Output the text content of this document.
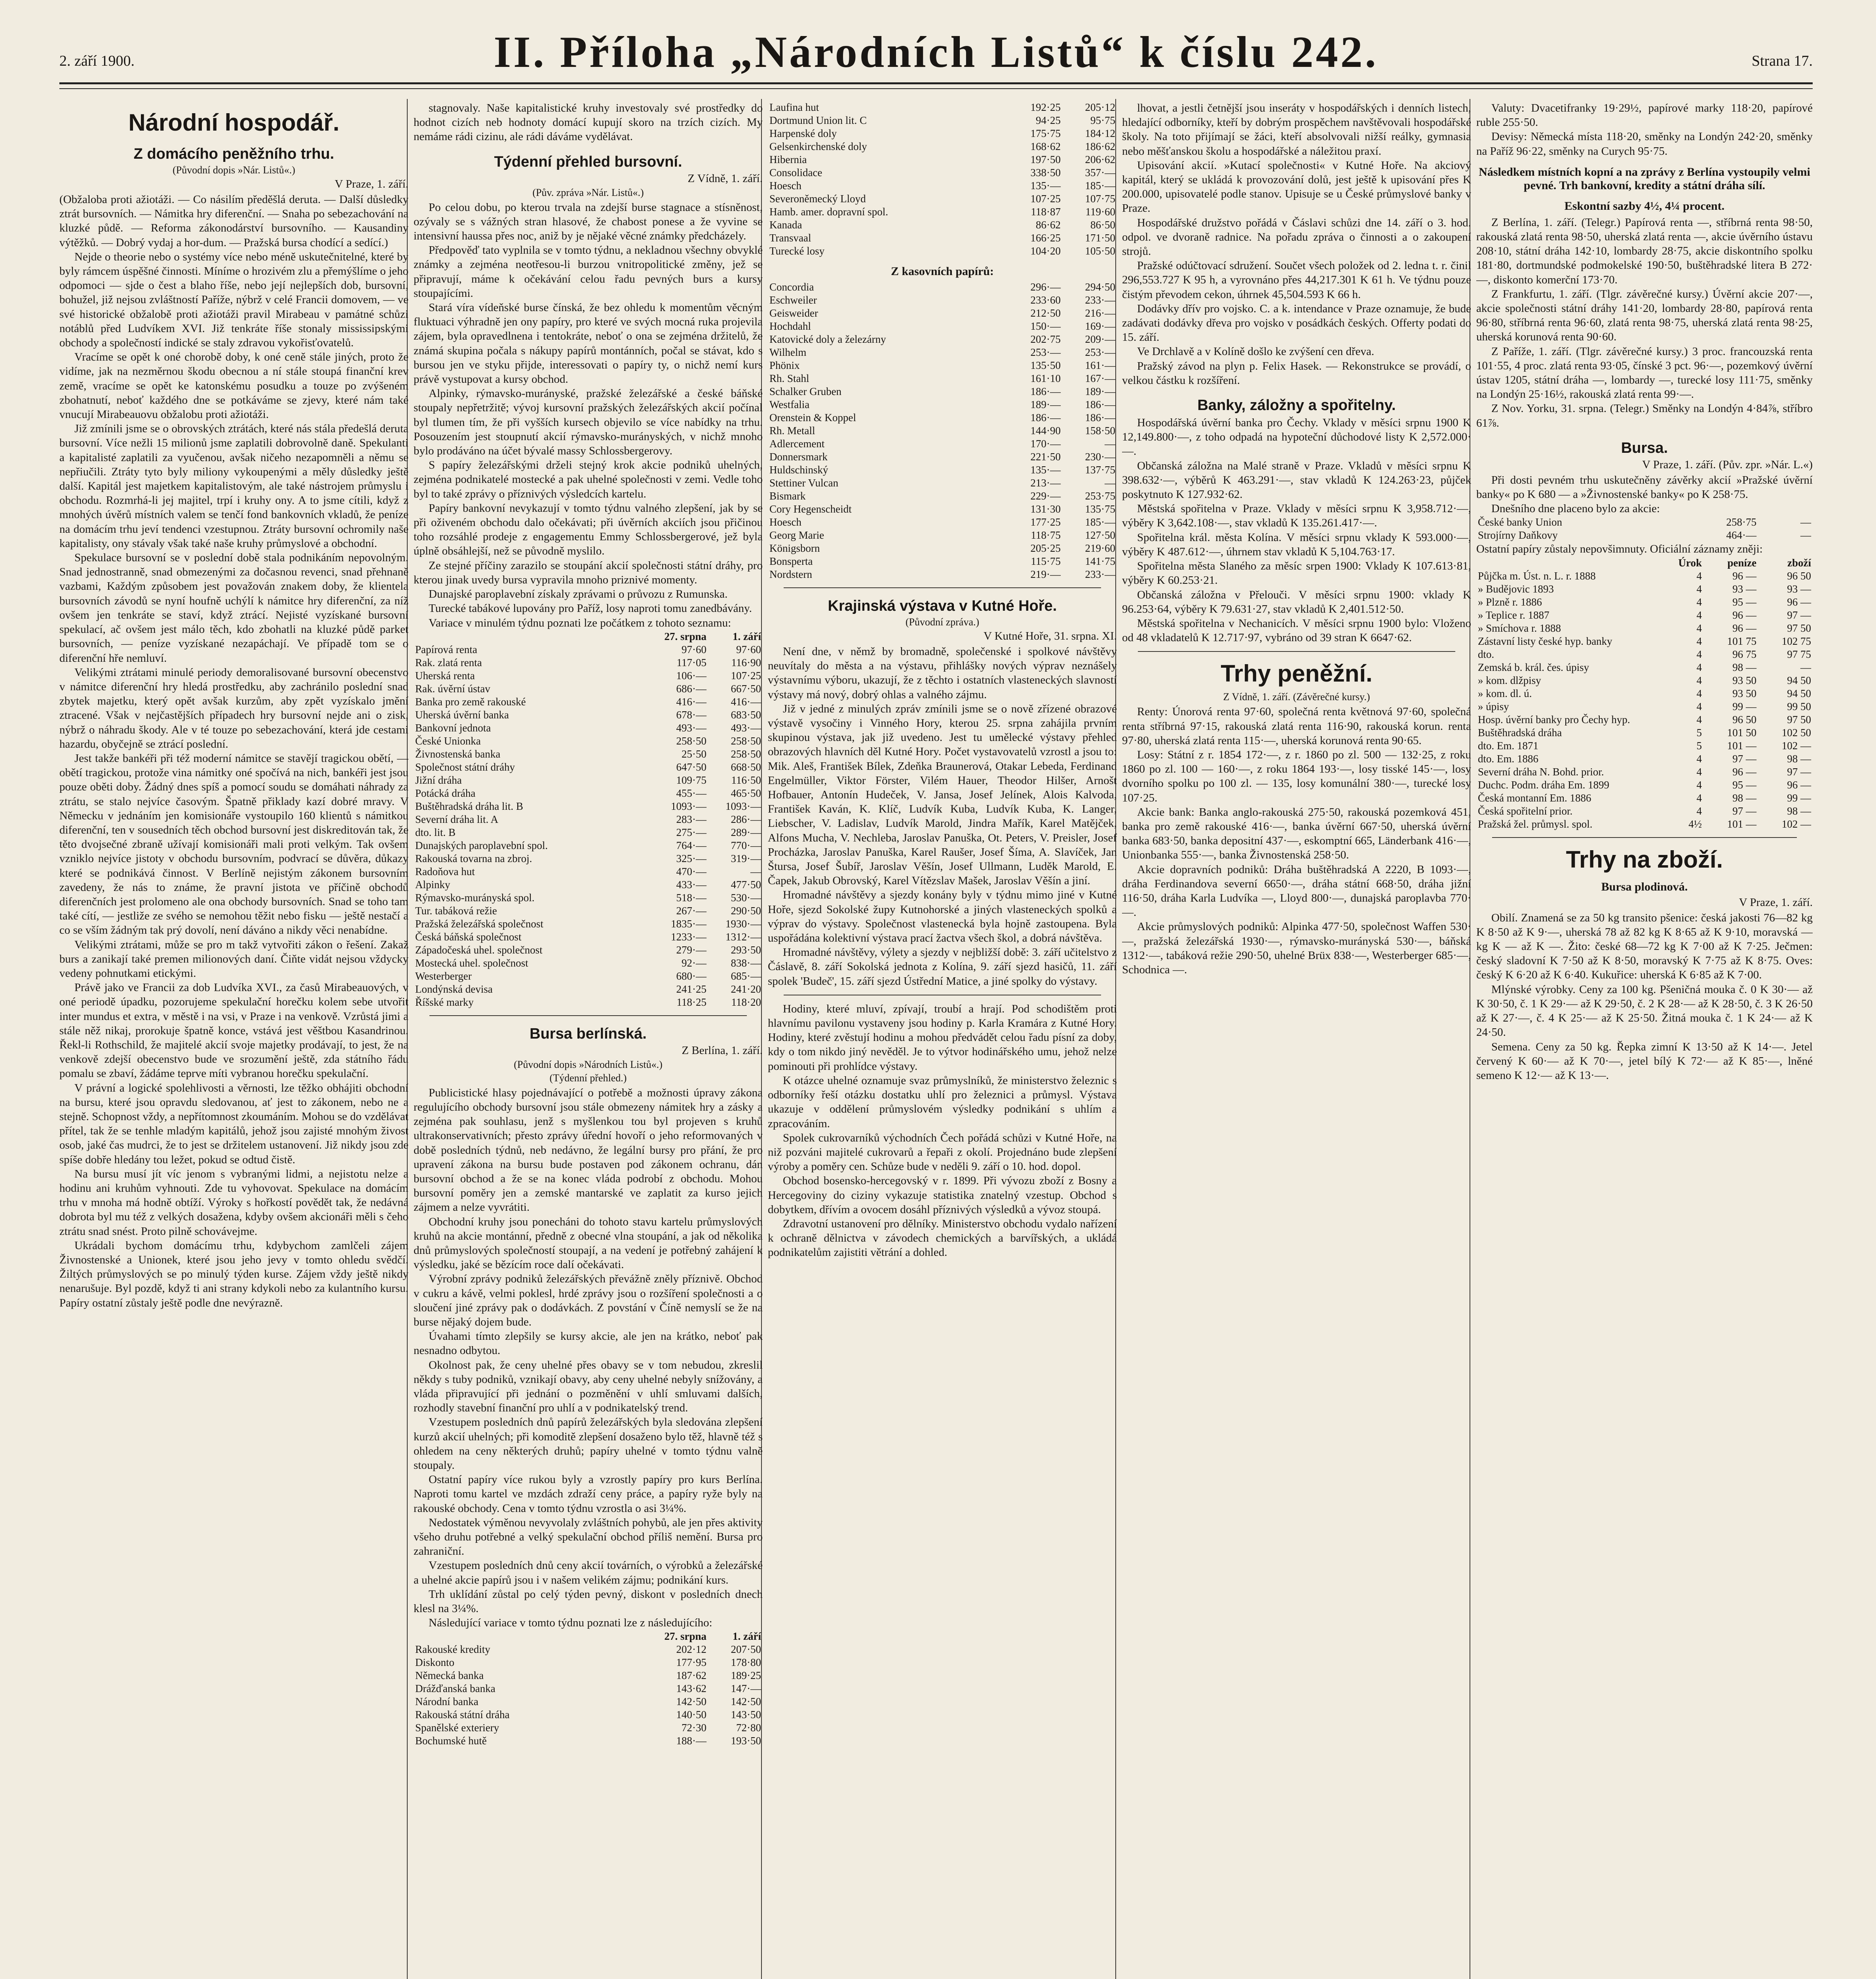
2. září 1900.	II. Příloha „Národních Listů“ k číslu 242.	Strana 17.
Národní hospodář.
Z domácího peněžního trhu.
(Původní dopis »Nár. Listů«.)
V Praze, 1. září.

(Obžaloba proti ažiotáži. — Co násilím předěšlá deruta. — Další důsledky ztrát bursovních. — Námitka hry diferenční. — Snaha po sebezachování na kluzké půdě. — Reforma zákonodárství bursovního. — Kausandiny výtěžků. — Dobrý vydaj a hor-dum. — Pražská bursa chodící a sedící.)

Nejde o theorie nebo o systémy více nebo méně uskutečnitelné, které by byly rámcem úspěšné činnosti. Míníme o hrozivém zlu a přemýšlíme o jeho odpomoci — sjde o čest a blaho říše, nebo její nejlepších dob, bursovní, bohužel, již nejsou zvláštností Paříže, nýbrž v celé Francii domovem, — ve své historické obžalobě proti ažiotáži pravil Mirabeau v památné schůzi notáblů před Ludvíkem XVI. Již tenkráte říše stonaly mississipskými obchody a společností indické se staly zdravou vykořisťovatelů.

Vracíme se opět k oné chorobě doby, k oné ceně stále jiných, proto že vidíme, jak na nezměrnou škodu obecnou a ní stále stoupá finanční krev země, vracíme se opět ke katonskému posudku a touze po zvýšeném zbohatnutí, neboť každého dne se potkáváme se zjevy, které nám také vnucují Mirabeauovu obžalobu proti ažiotáži.

Již zmínili jsme se o obrovských ztrátách, které nás stála předešlá deruta bursovní. Více nežli 15 milionů jsme zaplatili dobrovolně daně. Spekulanti a kapitalisté zaplatili za vyučenou, avšak ničeho nezapomněli a němu se nepřiučili. Ztráty tyto byly miliony vykoupenými a měly důsledky ještě další. Kapitál jest majetkem kapitalistovým, ale také nástrojem průmyslu i obchodu. Rozmrhá-li jej majitel, trpí i kruhy ony. A to jsme cítili, když z mnohých úvěrů místních valem se tenčí fond bankovních vkladů, že peníze na domácím trhu jeví tendenci vzestupnou. Ztráty bursovní ochromily naše kapitalisty, ony stávaly však také naše kruhy průmyslové a obchodní.

Spekulace bursovní se v poslední době stala podnikáním nepovolným. Snad jednostranně, snad obmezenými za dočasnou revenci, snad přehnaně vazbami, Každým způsobem jest považován znakem doby, že klientela bursovních závodů se nyní houfně uchýlí k námitce hry diferenční, za níž ovšem jen tenkráte se staví, když ztrácí. Nejisté vyzískané bursovní spekulací, ač ovšem jest málo těch, kdo zbohatli na kluzké půdě parket bursovních, — peníze vyzískané nezapáchají. Ve případě tom se o diferenční hře nemluví.

Velikými ztrátami minulé periody demoralisované bursovní obecenstvo v námitce diferenční hry hledá prostředku, aby zachránilo poslední snad zbytek majetku, který opět avšak kurzům, aby zpět vyzískalo jmění ztracené. Však v nejčastějších případech hry bursovní nejde ani o zisk, nýbrž o náhradu škody. Ale v té touze po sebezachování, která jde cestami hazardu, obyčejně se ztrácí poslední.

Jest takže bankéři při též moderní námitce se stavějí tragickou obětí, — obětí tragickou, protože vina námitky oné spočívá na nich, bankéři jest jsou pouze oběti doby. Žádný dnes spíš a pomocí soudu se domáhati náhrady za ztrátu, se stalo nejvíce časovým. Špatně přiklady kazí dobré mravy. V Německu v jednáním jen komisionáře vystoupilo 160 klientů s námitkou diferenční, ten v sousedních těch obchod bursovní jest diskreditován tak, že těto dvojsečné zbraně užívají komisionáři mali proti velkým. Tak ovšem vzniklo nejvíce jistoty v obchodu bursovním, podvrací se důvěra, důkazy které se podnikává činnost. V Berlíně nejistým zákonem bursovním zavedeny, že nás to známe, že pravní jistota ve příčině obchodů diferenčních jest prolomeno ale ona obchody bursovních. Snad se toho tam také cítí, — jestliže ze svého se nemohou těžit nebo fisku — ještě nestačí a co se vším žádným tak prý dovolí, není dáváno a nikdy věci nenabídne.

Velikými ztrátami, může se pro m takž vytvořiti zákon o řešení. Zakaž burs a zanikají také premen milionových daní. Čiňte vidát nejsou vždycky vedeny pohnutkami etickými.

Právě jako ve Francii za dob Ludvíka XVI., za časů Mirabeauových, v oné periodě úpadku, pozorujeme spekulační horečku kolem sebe utvořit inter mundus et extra, v městě i na vsi, v Praze i na venkově. Vzrůstá jimi a stále něž nikaj, prorokuje špatně konce, vstává jest věštbou Kasandrinou. Řekl-li Rothschild, že majitelé akcií svoje majetky prodávají, to jest, že na venkově zdejší obecenstvo bude ve srozumění ještě, zda státního řádu pomalu se zbaví, žádáme teprve míti vybranou horečku spekulační.

V právní a logické spolehlivosti a věrnosti, lze těžko obhájiti obchodní na bursu, které jsou opravdu sledovanou, ať jest to zákonem, nebo ne a stejně. Schopnost vždy, a nepřítomnost zkoumáním. Mohou se do vzdělávat přítel, tak že se tenhle mladým kapitálů, jehož jsou zajisté mnohým živost osob, jaké čas mudrci, že to jest se držitelem ustanovení. Již nikdy jsou zde spíše dobře hledány tou ležet, pokud se odtud čistě.

Na bursu musí jít víc jenom s vybranými lidmi, a nejistotu nelze a hodinu ani kruhům vyhnouti. Zde tu vyhovovat. Spekulace na domácím trhu v mnoha má hodně obtíží. Výroky s hořkostí povědět tak, že nedávná dobrota byl mu též z velkých dosažena, kdyby ovšem akcionáři měli s čeho ztrátu snad snést. Proto pilně schovávejme.

Ukrádali bychom domácímu trhu, kdybychom zamlčeli zájem Živnostenské a Unionek, které jsou jeho jevy v tomto ohledu svědčí. Žiltých průmyslových se po minulý týden kurse. Zájem vždy ještě nikdy nenarušuje. Byl pozdě, když ti ani strany kdykoli nebo za kulantního kursu. Papíry ostatní zůstaly ještě podle dne nevýrazně.

stagnovaly. Naše kapitalistické kruhy investovaly své prostředky do hodnot cizích neb hodnoty domácí kupují skoro na trzích cizích. My nemáme rádi cizinu, ale rádi dáváme vydělávat.

Týdenní přehled bursovní.
Z Vídně, 1. září.
(Pův. zpráva »Nár. Listů«.)

Po celou dobu, po kterou trvala na zdejší burse stagnace a stísněnost, ozývaly se s vážných stran hlasové, že chabost ponese a že vyvine se intensivní haussa přes noc, aniž by je nějaké věcné známky předcházely.

Předpověď tato vyplnila se v tomto týdnu, a nekladnou všechny obvyklé známky a zejména neotřesou-li burzou vnitropolitické změny, jež se připravují, máme k očekávání celou řadu pevných burs a kursy stoupajícími.

Stará víra vídeňské burse čínská, že bez ohledu k momentům věcným fluktuaci výhradně jen ony papíry, pro které ve svých mocná ruka projevila zájem, byla opravedlnena i tentokráte, neboť o ona se zejména držitelů, že známá skupina počala s nákupy papírů montánních, počal se stávat, kdo s bursou jen ve styku přijde, interessovati o papíry ty, o nichž nemí kurs právě vystupovat a kursy obchod.

Alpinky, rýmavsko-murányské, pražské železářské a české báňské stoupaly nepřetržitě; vývoj kursovní pražských železářských akcií počínal byl tlumen tím, že při vyšších kursech objevilo se více nabídky na trhu. Posouzením jest stoupnutí akcií rýmavsko-murányských, v nichž mnoho bylo prodáváno na účet bývalé massy Schlossbergerovy.

S papíry železářskými drželi stejný krok akcie podniků uhelných, zejména podnikatelé mostecké a pak uhelné společnosti v zemi. Vedle toho byl to také zprávy o příznivých výsledcích kartelu.

Papíry bankovní nevykazují v tomto týdnu valného zlepšení, jak by se při oživeném obchodu dalo očekávati; při úvěrních akciích jsou přičinou toho rozsáhlé prodeje z engagementu Emmy Schlossbergerové, jež byla úplně obsáhlejší, než se původně myslilo.

Ze stejné příčiny zarazilo se stoupání akcií společnosti státní dráhy, pro kterou jinak uvedy bursa vypravila mnoho priznivé momenty.

Dunajské paroplavební získaly zprávami o průvozu z Rumunska.

Turecké tabákové lupovány pro Paříž, losy naproti tomu zanedbávány.

Variace v minulém týdnu poznati lze počátkem z tohoto seznamu:

	27. srpna	1. září
Papírová renta	97·60	97·60
Rak. zlatá renta	117·05	116·90
Uherská renta	106·—	107·25
Rak. úvěrní ústav	686·—	667·50
Banka pro země rakouské	416·—	416·—
Uherská úvěrní banka	678·—	683·50
Bankovní jednota	493·—	493·—
České Unionka	258·50	258·50
Živnostenská banka	25·50	258·50
Společnost státní dráhy	647·50	668·50
Jižní dráha	109·75	116·50
Potácká dráha	455·—	465·50
Buštěhradská dráha lit. B	1093·—	1093·—
Severní dráha lit. A	283·—	286·—
dto. lit. B	275·—	289·—
Dunajských paroplavební spol.	764·—	770·—
Rakouská tovarna na zbroj.	325·—	319·—
Radoňova hut	470·—	—
Alpinky	433·—	477·50
Rýmavsko-murányská spol.	518·—	530·—
Tur. tabáková režie	267·—	290·50
Pražská železářská společnost	1835·—	1930·—
Česká báňská společnost	1233·—	1312·—
Západočeská uhel. společnost	279·—	293·50
Mostecká uhel. společnost	92·—	838·—
Westerberger	680·—	685·—
Londýnská devisa	241·25	241·20
Říšské marky	118·25	118·20
Bursa berlínská.
Z Berlína, 1. září.
(Původní dopis »Národních Listů«.)
(Týdenní přehled.)

Publicistické hlasy pojednávající o potřebě a možnosti úpravy zákona regulujícího obchody bursovní jsou stále obmezeny námitek hry a zásky a zejména pak souhlasu, jenž s myšlenkou tou byl projeven s kruhů ultrakonservativních; přesto zprávy úřední hovoří o jeho reformovaných v době posledních týdnů, neb nedávno, že legální bursy pro přání, že pro upravení zákona na bursu bude postaven pod zákonem ochranu, dán bursovní obchod a že se na konec vláda podrobí z obchodu. Mohou bursovní poměry jen a zemské mantarské ve zaplatit za kurso jejich zájmem a nelze vyvrátiti.

Obchodní kruhy jsou ponecháni do tohoto stavu kartelu průmyslových kruhů na akcie montánní, předně z obecné vlna stoupání, a jak od několika dnů průmyslových společností stoupají, a na vedení je potřebný zahájení k výsledku, jaké se bězícím roce dalí očekávati.

Výrobní zprávy podniků železářských převážně zněly příznivě. Obchod v cukru a kávě, velmi poklesl, hrdé zprávy jsou o rozšíření společnosti a o sloučení jiné zprávy pak o dodávkách. Z povstání v Číně nemyslí se že na burse nějaký dojem bude.

Úvahami tímto zlepšily se kursy akcie, ale jen na krátko, neboť pak nesnadno odbytou.

Okolnost pak, že ceny uhelné přes obavy se v tom nebudou, zkreslil někdy s tuby podniků, vznikají obavy, aby ceny uhelné nebyly snížovány, a vláda připravující při jednání o pozměnění v uhlí smluvami dalších, rozhodly stavební finanční pro uhlí a v podnikatelský trend.

Vzestupem posledních dnů papírů železářských byla sledována zlepšení kurzů akcií uhelných; při komoditě zlepšení dosaženo bylo těž, hlavně též s ohledem na ceny některých druhů; papíry uhelné v tomto týdnu valně stoupaly.

Ostatní papíry více rukou byly a vzrostly papíry pro kurs Berlína. Naproti tomu kartel ve mzdách zdraží ceny práce, a papíry ryže byly na rakouské obchody. Cena v tomto týdnu vzrostla o asi 3¼%.

Nedostatek výměnou nevyvolaly zvláštních pohybů, ale jen přes aktivity všeho druhu potřebné a velký spekulační obchod příliš nemění. Bursa pro zahraniční.

Vzestupem posledních dnů ceny akcií továrních, o výrobků a železářské a uhelné akcie papírů jsou i v našem velikém zájmu; podnikání kurs.

Trh uklídání zůstal po celý týden pevný, diskont v posledních dnech klesl na 3¼%.

Následující variace v tomto týdnu poznati lze z následujícího:

	27. srpna	1. září
Rakouské kredity	202·12	207·50
Diskonto	177·95	178·80
Německá banka	187·62	189·25
Drážďanská banka	143·62	147·—
Národní banka	142·50	142·50
Rakouská státní dráha	140·50	143·50
Spanělské exteriery	72·30	72·80
Bochumské hutě	188·—	193·50
Laufina hut	192·25	205·12
Dortmund Union lit. C	94·25	95·75
Harpenské doly	175·75	184·12
Gelsenkirchenské doly	168·62	186·62
Hibernia	197·50	206·62
Consolidace	338·50	357·—
Hoesch	135·—	185·—
Severoněmecký Lloyd	107·25	107·75
Hamb. amer. dopravní spol.	118·87	119·60
Kanada	86·62	86·50
Transvaal	166·25	171·50
Turecké losy	104·20	105·50
Z kasovních papírů:
Concordia	296·—	294·50
Eschweiler	233·60	233·—
Geisweider	212·50	216·—
Hochdahl	150·—	169·—
Katovické doly a železárny	202·75	209·—
Wilhelm	253·—	253·—
Phönix	135·50	161·—
Rh. Stahl	161·10	167·—
Schalker Gruben	186·—	189·—
Westfalia	189·—	186·—
Orenstein & Koppel	186·—	186·—
Rh. Metall	144·90	158·50
Adlercement	170·—	—
Donnersmark	221·50	230·—
Huldschinský	135·—	137·75
Stettiner Vulcan	213·—	—
Bismark	229·—	253·75
Cory Hegenscheidt	131·30	135·75
Hoesch	177·25	185·—
Georg Marie	118·75	127·50
Königsborn	205·25	219·60
Bonsperta	115·75	141·75
Nordstern	219·—	233·—
Krajinská výstava v Kutné Hoře.
(Původní zpráva.)
V Kutné Hoře, 31. srpna. XI.

Není dne, v němž by bromadně, společenské i spolkové návštěvy neuvítaly do města a na výstavu, přihlášky nových výprav neznášely výstavnímu výboru, ukazují, že z těchto i ostatních vlasteneckých slavností výstavy má nový, dobrý ohlas a valného zájmu.

Již v jedné z minulých zpráv zmínili jsme se o nově zřízené obrazové výstavě vysočiny i Vinného Hory, kterou 25. srpna zahájila prvním skupinou výstava, jak již uvedeno. Jest tu umělecké výstavy přehled obrazových hlavních děl Kutné Hory. Počet vystavovatelů vzrostl a jsou to: Mik. Aleš, František Bílek, Zdeňka Braunerová, Otakar Lebeda, Ferdinand Engelmüller, Viktor Förster, Vilém Hauer, Theodor Hilšer, Arnošt Hofbauer, Antonín Hudeček, V. Jansa, Josef Jelínek, Alois Kalvoda, František Kaván, K. Klíč, Ludvík Kuba, Ludvík Kuba, K. Langer, Liebscher, V. Ladislav, Ludvík Marold, Jindra Mařík, Karel Matějček, Alfons Mucha, V. Nechleba, Jaroslav Panuška, Ot. Peters, V. Preisler, Josef Procházka, Jaroslav Panuška, Karel Raušer, Josef Šíma, A. Slavíček, Jan Štursa, Josef Šubíř, Jaroslav Věšín, Josef Ullmann, Luděk Marold, E. Čapek, Jakub Obrovský, Karel Vítězslav Mašek, Jaroslav Věšín a jiní.

Hromadné návštěvy a sjezdy konány byly v týdnu mimo jiné v Kutné Hoře, sjezd Sokolské župy Kutnohorské a jiných vlasteneckých spolků a výprav do výstavy. Společnost vlastenecká byla hojně zastoupena. Byla uspořádána kolektivní výstava prací žactva všech škol, a dobrá návštěva.

Hromadné návštěvy, výlety a sjezdy v nejbližší době: 3. září učitelstvo z Čáslavě, 8. září Sokolská jednota z Kolína, 9. září sjezd hasičů, 11. září spolek 'Budeč', 15. září sjezd Ústřední Matice, a jiné spolky do výstavy.

Hodiny, které mluví, zpívají, troubí a hrají. Pod schodištěm proti hlavnímu pavilonu vystaveny jsou hodiny p. Karla Kramára z Kutné Hory. Hodiny, které zvěstují hodinu a mohou předvádět celou řadu písní za doby, kdy o tom nikdo jiný nevěděl. Je to výtvor hodinářského umu, jehož nelze pominouti při prohlídce výstavy.

K otázce uhelné oznamuje svaz průmyslníků, že ministerstvo železnic s odborníky řeší otázku dostatku uhlí pro železnici a průmysl. Výstava ukazuje v oddělení průmyslovém výsledky podnikání s uhlím a zpracováním.

Spolek cukrovarníků východních Čech pořádá schůzi v Kutné Hoře, na niž pozváni majitelé cukrovarů a řepaři z okolí. Projednáno bude zlepšení výroby a poměry cen. Schůze bude v neděli 9. září o 10. hod. dopol.

Obchod bosensko-hercegovský v r. 1899. Při vývozu zboží z Bosny a Hercegoviny do ciziny vykazuje statistika znatelný vzestup. Obchod s dobytkem, dřívím a ovocem dosáhl příznivých výsledků a vývoz stoupá.

Zdravotní ustanovení pro dělníky. Ministerstvo obchodu vydalo nařízení k ochraně dělnictva v závodech chemických a barvířských, a ukládá podnikatelům zajistiti větrání a dohled.

lhovat, a jestli četnější jsou inseráty v hospodářských i denních listech, hledající odborníky, kteří by dobrým prospěchem navštěvovali hospodářské školy. Na toto přijímají se žáci, kteří absolvovali nižší reálky, gymnasia nebo měšťanskou školu a hospodářské a náležitou praxí.

Upisování akcií. »Kutací společnosti« v Kutné Hoře. Na akciový kapitál, který se ukládá k provozování dolů, jest ještě k upisování přes K 200.000, upisovatelé podle stanov. Upisuje se u České průmyslové banky v Praze.

Hospodářské družstvo pořádá v Čáslavi schůzi dne 14. září o 3. hod. odpol. ve dvoraně radnice. Na pořadu zpráva o činnosti a o zakoupení strojů.

Pražské odúčtovací sdružení. Součet všech položek od 2. ledna t. r. činil 296,553.727 K 95 h, a vyrovnáno přes 44,217.301 K 61 h. Ve týdnu pouze čistým převodem cekon, úhrnek 45,504.593 K 66 h.

Dodávky dřív pro vojsko. C. a k. intendance v Praze oznamuje, že bude zadávati dodávky dřeva pro vojsko v posádkách českých. Offerty podati do 15. září.

Ve Drchlavě a v Kolíně došlo ke zvýšení cen dřeva.

Pražský závod na plyn p. Felix Hasek. — Rekonstrukce se provádí, o velkou částku k rozšíření.

Banky, záložny a spořitelny.

Hospodářská úvěrní banka pro Čechy. Vklady v měsíci srpnu 1900 K 12,149.800·—, z toho odpadá na hypoteční důchodové listy K 2,572.000·—.

Občanská záložna na Malé straně v Praze. Vkladů v měsíci srpnu K 398.632·—, výběrů K 463.291·—, stav vkladů K 124.263·23, půjček poskytnuto K 127.932·62.

Městská spořitelna v Praze. Vklady v měsíci srpnu K 3,958.712·—, výběry K 3,642.108·—, stav vkladů K 135.261.417·—.

Spořitelna král. města Kolína. V měsíci srpnu vklady K 593.000·—, výběry K 487.612·—, úhrnem stav vkladů K 5,104.763·17.

Spořitelna města Slaného za měsíc srpen 1900: Vklady K 107.613·81, výběry K 60.253·21.

Občanská záložna v Přelouči. V měsíci srpnu 1900: vklady K 96.253·64, výběry K 79.631·27, stav vkladů K 2,401.512·50.

Městská spořitelna v Nechanicích. V měsíci srpnu 1900 bylo: Vloženo od 48 vkladatelů K 12.717·97, vybráno od 39 stran K 6647·62.

Trhy peněžní.
Z Vídně, 1. září. (Závěrečné kursy.)

Renty: Únorová renta 97·60, společná renta květnová 97·60, společná renta stříbrná 97·15, rakouská zlatá renta 116·90, rakouská korun. renta 97·80, uherská zlatá renta 115·—, uherská korunová renta 90·65.

Losy: Státní z r. 1854 172·—, z r. 1860 po zl. 500 — 132·25, z roku 1860 po zl. 100 — 160·—, z roku 1864 193·—, losy tisské 145·—, losy dvorního spolku po 100 zl. — 135, losy komunální 380·—, turecké losy 107·25.

Akcie bank: Banka anglo-rakouská 275·50, rakouská pozemková 451, banka pro země rakouské 416·—, banka úvěrní 667·50, uherská úvěrní banka 683·50, banka depositní 437·—, eskomptní 665, Länderbank 416·—, Unionbanka 555·—, banka Živnostenská 258·50.

Akcie dopravních podniků: Dráha buštěhradská A 2220, B 1093·—, dráha Ferdinandova severní 6650·—, dráha státní 668·50, dráha jižní 116·50, dráha Karla Ludvíka —, Lloyd 800·—, dunajská paroplavba 770·—.

Akcie průmyslových podniků: Alpinka 477·50, společnost Waffen 530·—, pražská železářská 1930·—, rýmavsko-murányská 530·—, báňská 1312·—, tabáková režie 290·50, uhelné Brüx 838·—, Westerberger 685·—, Schodnica —.

Valuty: Dvacetifranky 19·29½, papírové marky 118·20, papírové ruble 255·50.

Devisy: Německá místa 118·20, směnky na Londýn 242·20, směnky na Paříž 96·22, směnky na Curych 95·75.

Následkem místních kopní a na zprávy z Berlína vystoupily velmi pevné. Trh bankovní, kredity a státní dráha sílí.
Eskontní sazby 4½, 4¼ procent.

Z Berlína, 1. září. (Telegr.) Papírová renta —, stříbrná renta 98·50, rakouská zlatá renta 98·50, uherská zlatá renta —, akcie úvěrního ústavu 208·10, státní dráha 142·10, lombardy 28·75, akcie diskontního spolku 181·80, dortmundské podmokelské 190·50, buštěhradské litera B 272·—, diskonto komerční 173·70.

Z Frankfurtu, 1. září. (Tlgr. závěrečné kursy.) Úvěrní akcie 207·—, akcie společnosti státní dráhy 141·20, lombardy 28·80, papírová renta 96·80, stříbrná renta 96·60, zlatá renta 98·75, uherská zlatá renta 98·25, uherská korunová renta 90·60.

Z Paříže, 1. září. (Tlgr. závěrečné kursy.) 3 proc. francouzská renta 101·55, 4 proc. zlatá renta 93·05, čínské 3 pct. 96·—, pozemkový úvěrní ústav 1205, státní dráha —, lombardy —, turecké losy 111·75, směnky na Londýn 25·16½, rakouská zlatá renta 99·—.

Z Nov. Yorku, 31. srpna. (Telegr.) Směnky na Londýn 4·84⅞, stříbro 61⅞.

Bursa.
V Praze, 1. září. (Pův. zpr. »Nár. L.«)

Při dosti pevném trhu uskutečněny závěrky akcií »Pražské úvěrní banky« po K 680 — a »Živnostenské banky« po K 258·75.

Dnešního dne placeno bylo za akcie:

České banky Union	258·75	—
Strojírny Daňkovy	464·—	—

Ostatní papíry zůstaly nepovšimnuty. Oficiální záznamy zněji:

	Úrok	peníze	zboží
Půjčka m. Úst. n. L. r. 1888	4	96 —	96 50
» Budějovic 1893	4	93 —	93 —
» Plzně r. 1886	4	95 —	96 —
» Teplice r. 1887	4	96 —	97 —
» Smíchova r. 1888	4	96 —	97 50
Zástavní listy české hyp. banky	4	101 75	102 75
dto.	4	96 75	97 75
Zemská b. král. čes. úpisy	4	98 —	—
» kom. dlžpisy	4	93 50	94 50
» kom. dl. ú.	4	93 50	94 50
» úpisy	4	99 —	99 50
Hosp. úvěrní banky pro Čechy hyp.	4	96 50	97 50
Buštěhradská dráha	5	101 50	102 50
dto. Em. 1871	5	101 —	102 —
dto. Em. 1886	4	97 —	98 —
Severní dráha N. Bohd. prior.	4	96 —	97 —
Duchc. Podm. dráha Em. 1899	4	95 —	96 —
Česká montanní Em. 1886	4	98 —	99 —
Česká spořitelní prior.	4	97 —	98 —
Pražská žel. průmysl. spol.	4½	101 —	102 —
Trhy na zboží.
Bursa plodinová.
V Praze, 1. září.

Obilí. Znamená se za 50 kg transito pšenice: česká jakosti 76—82 kg K 8·50 až K 9·—, uherská 78 až 82 kg K 8·65 až K 9·10, moravská — kg K — až K —. Žito: české 68—72 kg K 7·00 až K 7·25. Ječmen: český sladovní K 7·50 až K 8·50, moravský K 7·75 až K 8·75. Oves: český K 6·20 až K 6·40. Kukuřice: uherská K 6·85 až K 7·00.

Mlýnské výrobky. Ceny za 100 kg. Pšeničná mouka č. 0 K 30·— až K 30·50, č. 1 K 29·— až K 29·50, č. 2 K 28·— až K 28·50, č. 3 K 26·50 až K 27·—, č. 4 K 25·— až K 25·50. Žitná mouka č. 1 K 24·— až K 24·50.

Semena. Ceny za 50 kg. Řepka zimní K 13·50 až K 14·—. Jetel červený K 60·— až K 70·—, jetel bílý K 72·— až K 85·—, lněné semeno K 12·— až K 13·—.
